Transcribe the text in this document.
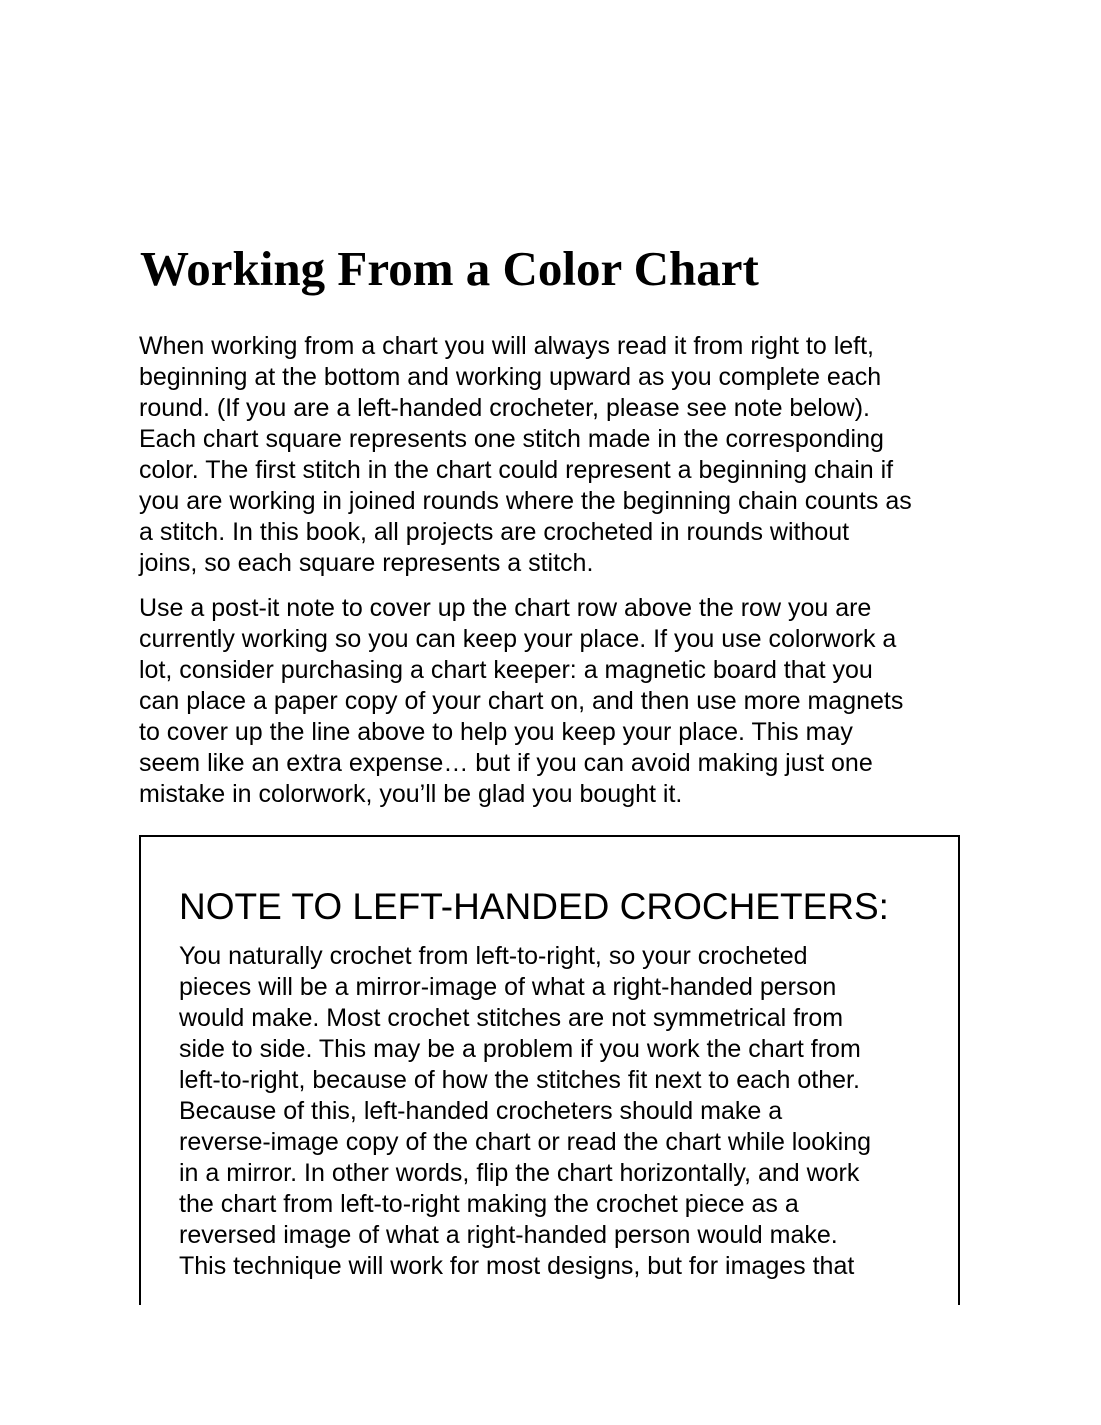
Working From a Color Chart

When working from a chart you will always read it from right to left,
beginning at the bottom and working upward as you complete each
round. (If you are a left-handed crocheter, please see note below).
Each chart square represents one stitch made in the corresponding
color. The first stitch in the chart could represent a beginning chain if
you are working in joined rounds where the beginning chain counts as
a stitch. In this book, all projects are crocheted in rounds without
joins, so each square represents a stitch.

Use a post-it note to cover up the chart row above the row you are
currently working so you can keep your place. If you use colorwork a
lot, consider purchasing a chart keeper: a magnetic board that you
can place a paper copy of your chart on, and then use more magnets
to cover up the line above to help you keep your place. This may
seem like an extra expense… but if you can avoid making just one
mistake in colorwork, you’ll be glad you bought it.

NOTE TO LEFT-HANDED CROCHETERS:

You naturally crochet from left-to-right, so your crocheted
pieces will be a mirror-image of what a right-handed person
would make. Most crochet stitches are not symmetrical from
side to side. This may be a problem if you work the chart from
left-to-right, because of how the stitches fit next to each other.
Because of this, left-handed crocheters should make a
reverse-image copy of the chart or read the chart while looking
in a mirror. In other words, flip the chart horizontally, and work
the chart from left-to-right making the crochet piece as a
reversed image of what a right-handed person would make.
This technique will work for most designs, but for images that
